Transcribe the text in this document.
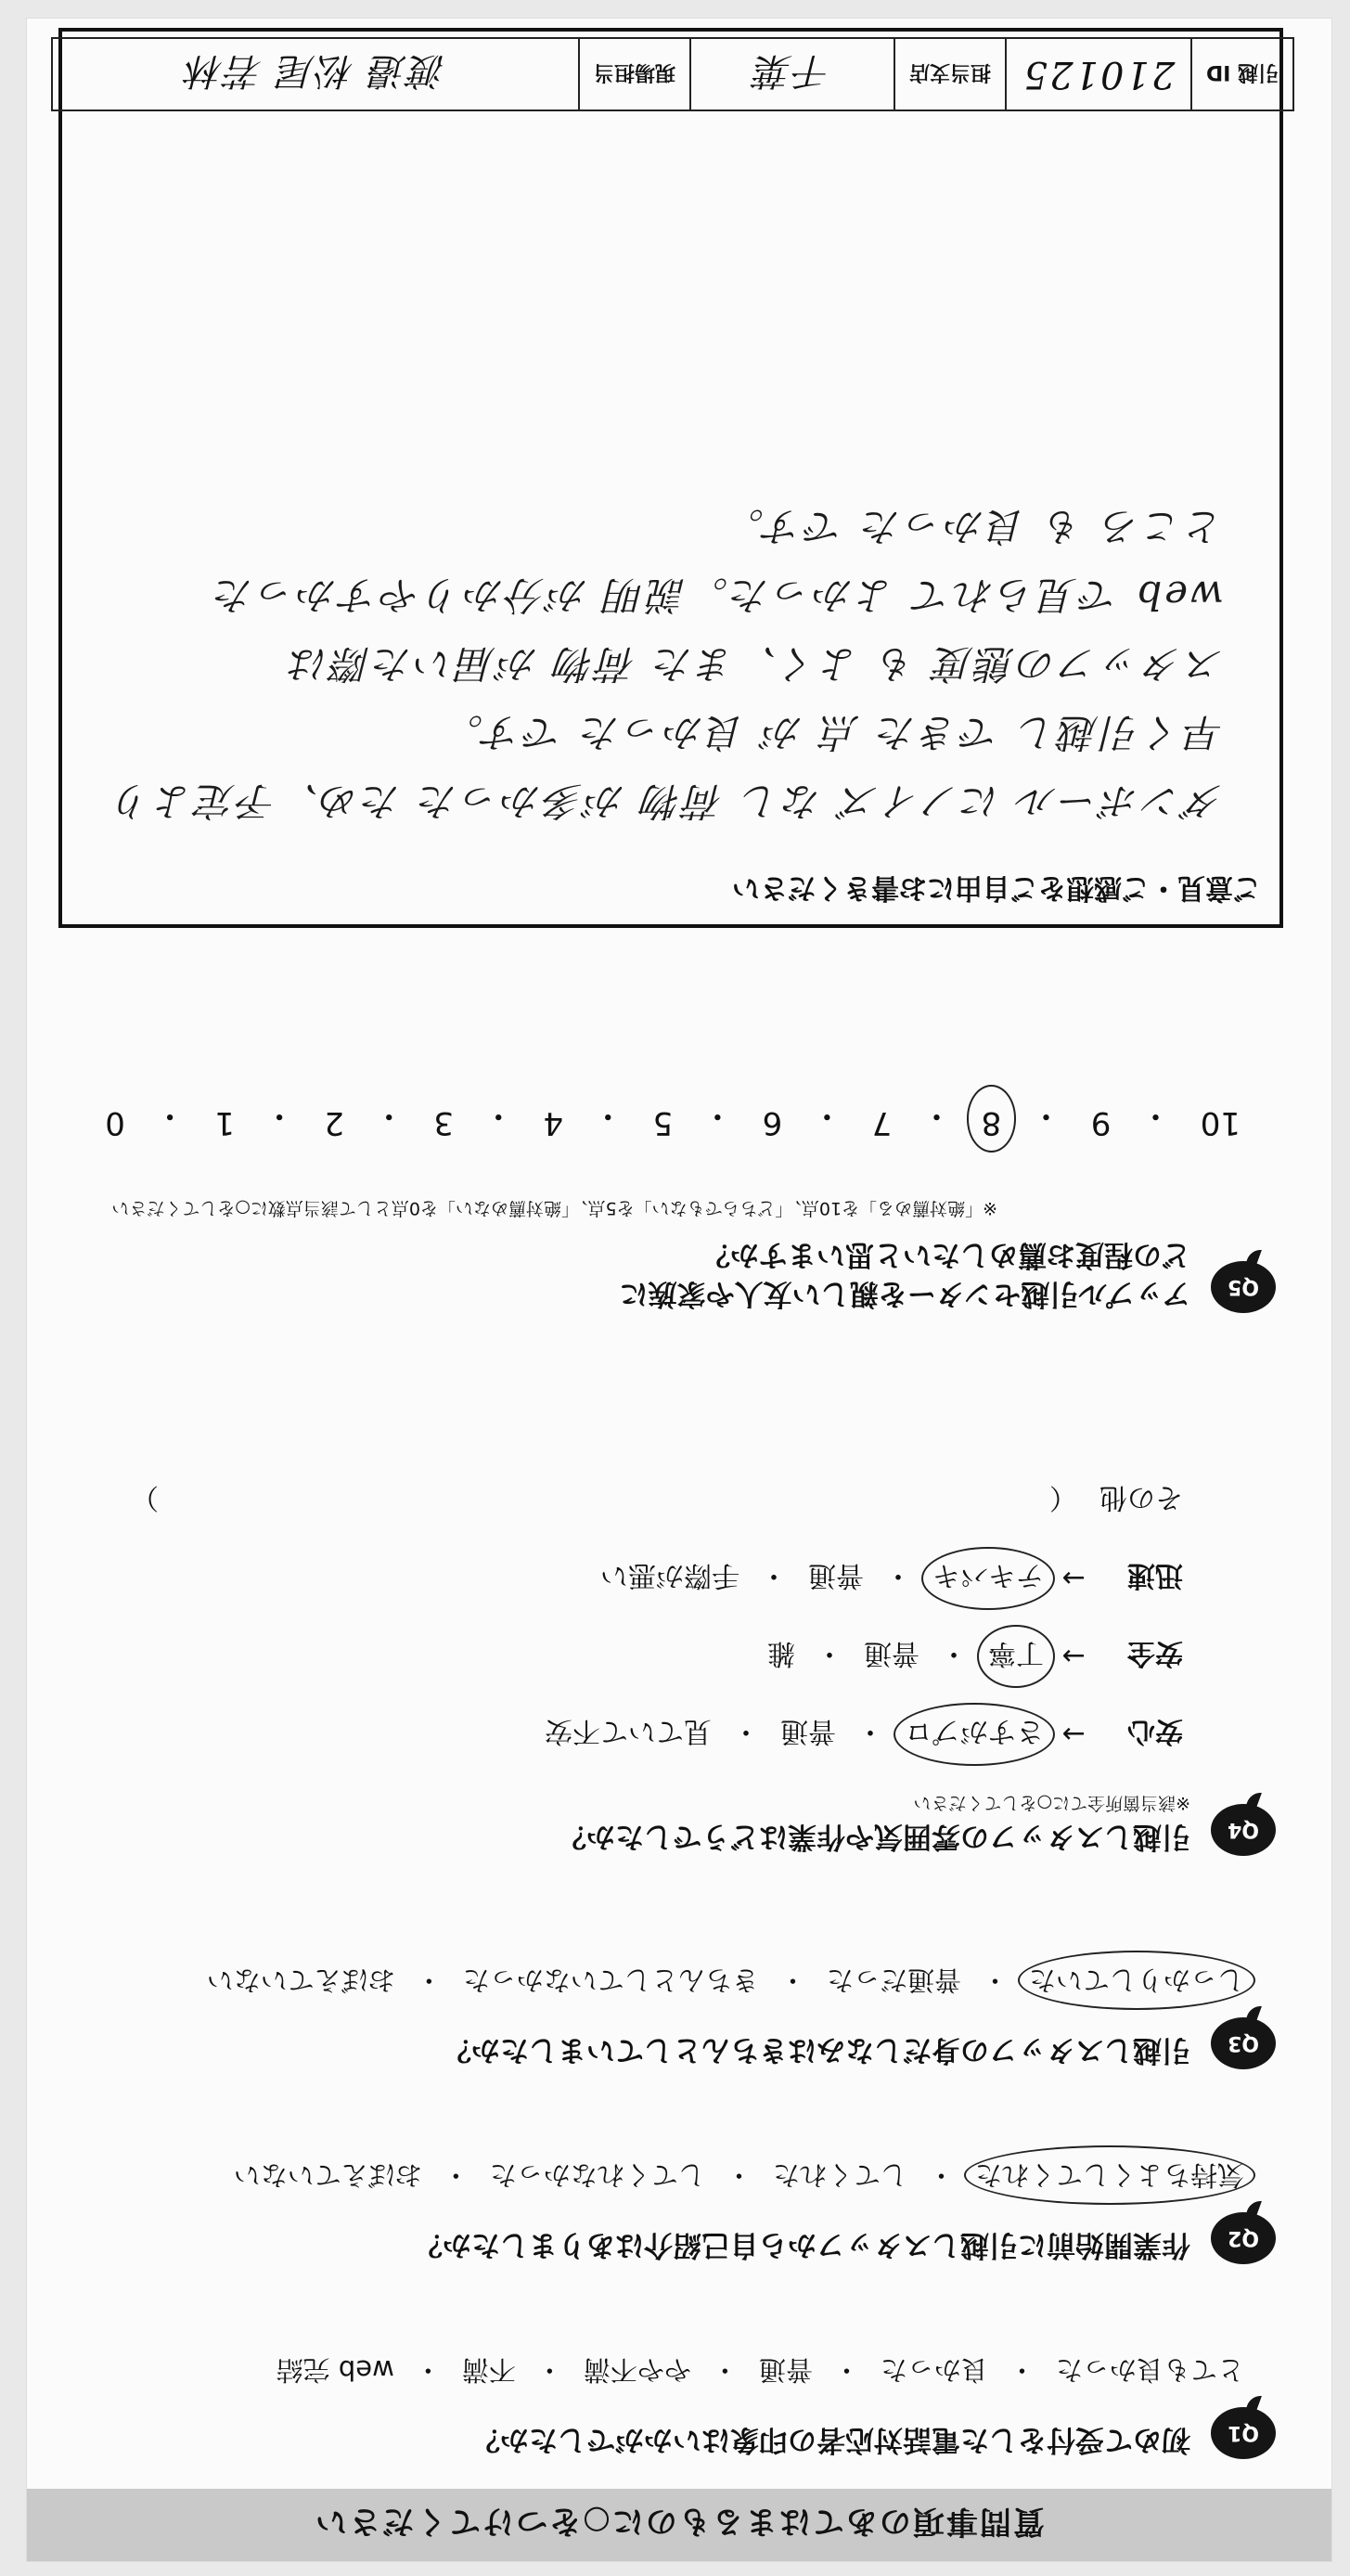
質問事項のあてはまるものに○をつけてください
Q1
初めて受付をした電話対応者の印象はいかがでしたか？
とても良かった
・
良かった
・
普通
・
やや不満
・
不満
・
web 完結
Q2
作業開始前に引越しスタッフから自己紹介はありましたか？
気持ちよくしてくれた
・
してくれた
・
してくれなかった
・
おぼえていない
Q3
引越しスタッフの身だしなみはきちんとしていましたか？
しっかりしていた
・
普通だった
・
きちんとしていなかった
・
おぼえていない
Q4
引越しスタッフの雰囲気や作業はどうでしたか？
※該当箇所全てに○をしてください
安心
→
さすがプロ
・
普通
・
見ていて不安
安全
→
丁寧
・
普通
・
雑
迅速
→
テキパキ
・
普通
・
手際が悪い
その他
（
）
Q5
アップル引越センターを親しい友人や家族に
どの程度お薦めしたいと思いますか？
※「絶対薦める」を10点、「どちらでもない」を5点、「絶対薦めない」を0点として該当点数に○をしてください
10
・
9
・
8
・
7
・
6
・
5
・
4
・
3
・
2
・
1
・
0
ご意見・ご感想をご自由にお書きください
ダンボール にノイズ なし 荷物 が多かった ため、予定より
早く引越し できた 点 が 良かった です。
スタッフの態度 も よく、また 荷物 が届いた際は
web で見られて よかった。説明 が分かりやすかった
ところ も 良かった です。
引越 ID
210125
担当支店
千葉
現場担当
渡邉 松尾 若林
